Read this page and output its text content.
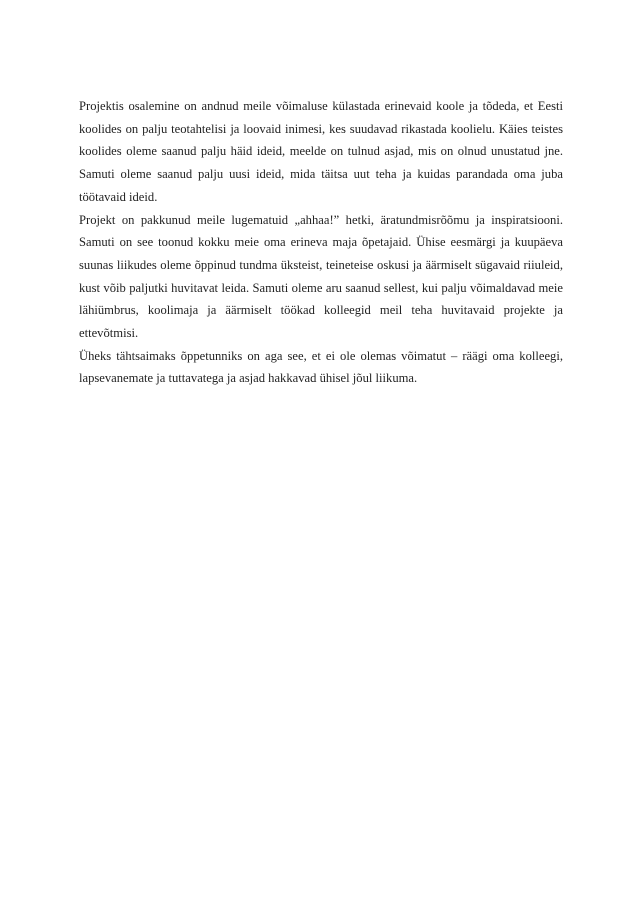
Projektis osalemine on andnud meile võimaluse külastada erinevaid koole ja tõdeda, et Eesti koolides on palju teotahtelisi ja loovaid inimesi, kes suudavad rikastada koolielu. Käies teistes koolides oleme saanud palju häid ideid, meelde on tulnud asjad, mis on olnud unustatud jne. Samuti oleme saanud palju uusi ideid, mida täitsa uut teha ja kuidas parandada oma juba töötavaid ideid.

Projekt on pakkunud meile lugematuid „ahhaa!” hetki, äratundmisrõõmu ja inspiratsiooni. Samuti on see toonud kokku meie oma erineva maja õpetajaid. Ühise eesmärgi ja kuupäeva suunas liikudes oleme õppinud tundma üksteist, teineteise oskusi ja äärmiselt sügavaid riiuleid, kust võib paljutki huvitavat leida. Samuti oleme aru saanud sellest, kui palju võimaldavad meie lähiümbrus, koolimaja ja äärmiselt töökad kolleegid meil teha huvitavaid projekte ja ettevõtmisi.

Üheks tähtsaimaks õppetunniks on aga see, et ei ole olemas võimatut – räägi oma kolleegi, lapsevanemate ja tuttavatega ja asjad hakkavad ühisel jõul liikuma.
